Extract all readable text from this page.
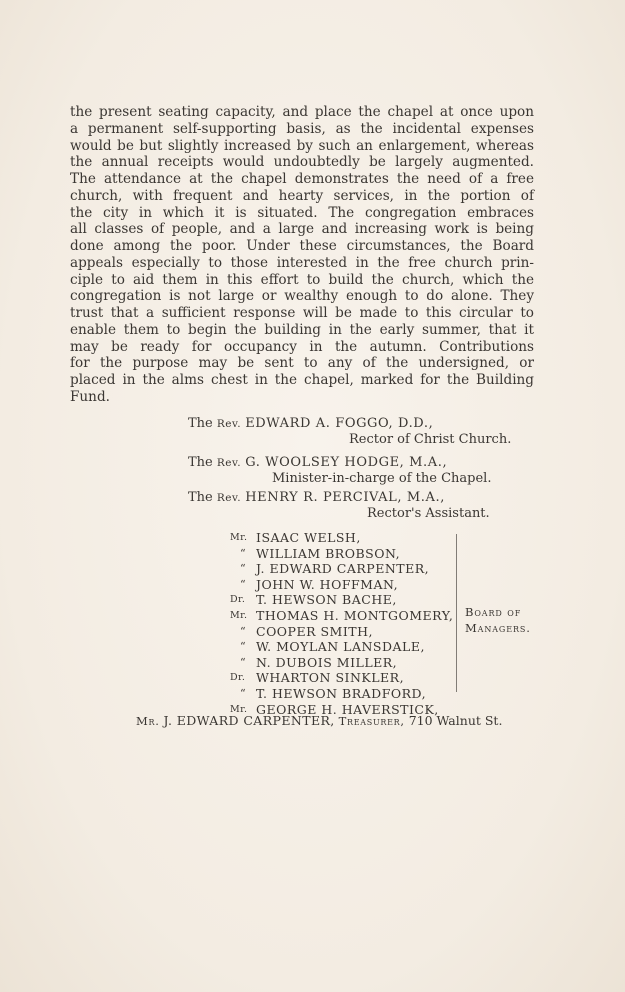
the present seating capacity, and place the chapel at once upon
a permanent self-supporting basis, as the incidental expenses
would be but slightly increased by such an enlargement, whereas
the annual receipts would undoubtedly be largely augmented.
The attendance at the chapel demonstrates the need of a free
church, with frequent and hearty services, in the portion of
the city in which it is situated. The congregation embraces
all classes of people, and a large and increasing work is being
done among the poor. Under these circumstances, the Board
appeals especially to those interested in the free church prin-
ciple to aid them in this effort to build the church, which the
congregation is not large or wealthy enough to do alone. They
trust that a sufficient response will be made to this circular to
enable them to begin the building in the early summer, that it
may be ready for occupancy in the autumn. Contributions
for the purpose may be sent to any of the undersigned, or
placed in the alms chest in the chapel, marked for the Building
Fund.
The Rev. EDWARD A. FOGGO, D.D.,
Rector of Christ Church.
The Rev. G. WOOLSEY HODGE, M.A.,
Minister-in-charge of the Chapel.
The Rev. HENRY R. PERCIVAL, M.A.,
Rector's Assistant.
Mr. ISAAC WELSH,
“ WILLIAM BROBSON,
“ J. EDWARD CARPENTER,
“ JOHN W. HOFFMAN,
Dr. T. HEWSON BACHE,
Mr. THOMAS H. MONTGOMERY,
“ COOPER SMITH,
“ W. MOYLAN LANSDALE,
“ N. DUBOIS MILLER,
Dr. WHARTON SINKLER,
“ T. HEWSON BRADFORD,
Mr. GEORGE H. HAVERSTICK,
Board of
Managers.
Mr. J. EDWARD CARPENTER, Treasurer, 710 Walnut St.
